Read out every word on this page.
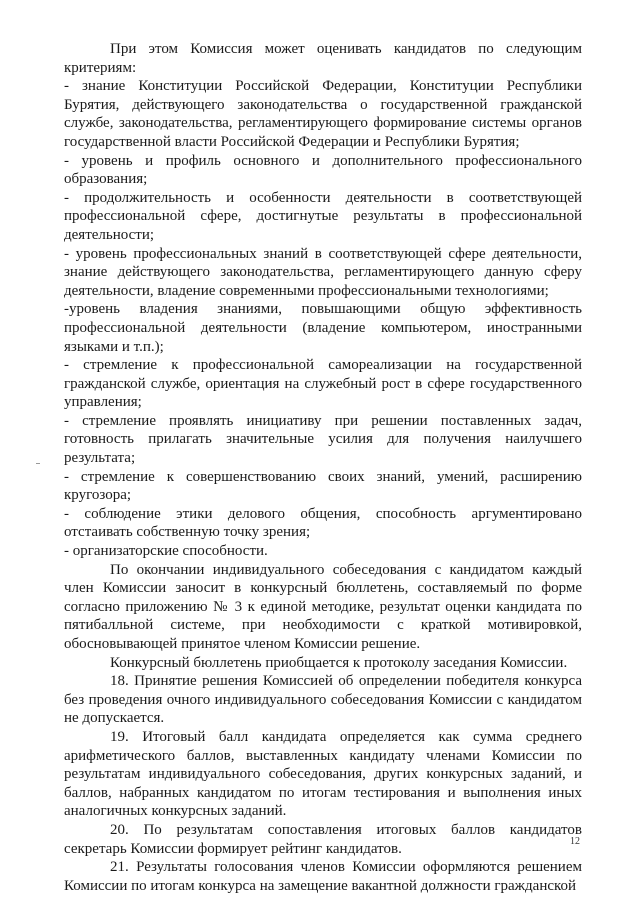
При этом Комиссия может оценивать кандидатов по следующим критериям:

- знание Конституции Российской Федерации, Конституции Республики Бурятия, действующего законодательства о государственной гражданской службе, законодательства, регламентирующего формирование системы органов государственной власти Российской Федерации и Республики Бурятия;

- уровень и профиль основного и дополнительного профессионального образования;

- продолжительность и особенности деятельности в соответствующей профессиональной сфере, достигнутые результаты в профессиональной деятельности;

- уровень профессиональных знаний в соответствующей сфере деятельности, знание действующего законодательства, регламентирующего данную сферу деятельности, владение современными профессиональными технологиями;

-уровень владения знаниями, повышающими общую эффективность профессиональной деятельности (владение компьютером, иностранными языками и т.п.);

- стремление к профессиональной самореализации на государственной гражданской службе, ориентация на служебный рост в сфере государственного управления;

- стремление проявлять инициативу при решении поставленных задач, готовность прилагать значительные усилия для получения наилучшего результата;

- стремление к совершенствованию своих знаний, умений, расширению кругозора;

- соблюдение этики делового общения, способность аргументировано отстаивать собственную точку зрения;

- организаторские способности.

По окончании индивидуального собеседования с кандидатом каждый член Комиссии заносит в конкурсный бюллетень, составляемый по форме согласно приложению № 3 к единой методике, результат оценки кандидата по пятибалльной системе, при необходимости с краткой мотивировкой, обосновывающей принятое членом Комиссии решение.

Конкурсный бюллетень приобщается к протоколу заседания Комиссии.

18. Принятие решения Комиссией об определении победителя конкурса без проведения очного индивидуального собеседования Комиссии с кандидатом не допускается.

19. Итоговый балл кандидата определяется как сумма среднего арифметического баллов, выставленных кандидату членами Комиссии по результатам индивидуального собеседования, других конкурсных заданий, и баллов, набранных кандидатом по итогам тестирования и выполнения иных аналогичных конкурсных заданий.

20. По результатам сопоставления итоговых баллов кандидатов секретарь Комиссии формирует рейтинг кандидатов.

21. Результаты голосования членов Комиссии оформляются решением Комиссии по итогам конкурса на замещение вакантной должности гражданской

12
